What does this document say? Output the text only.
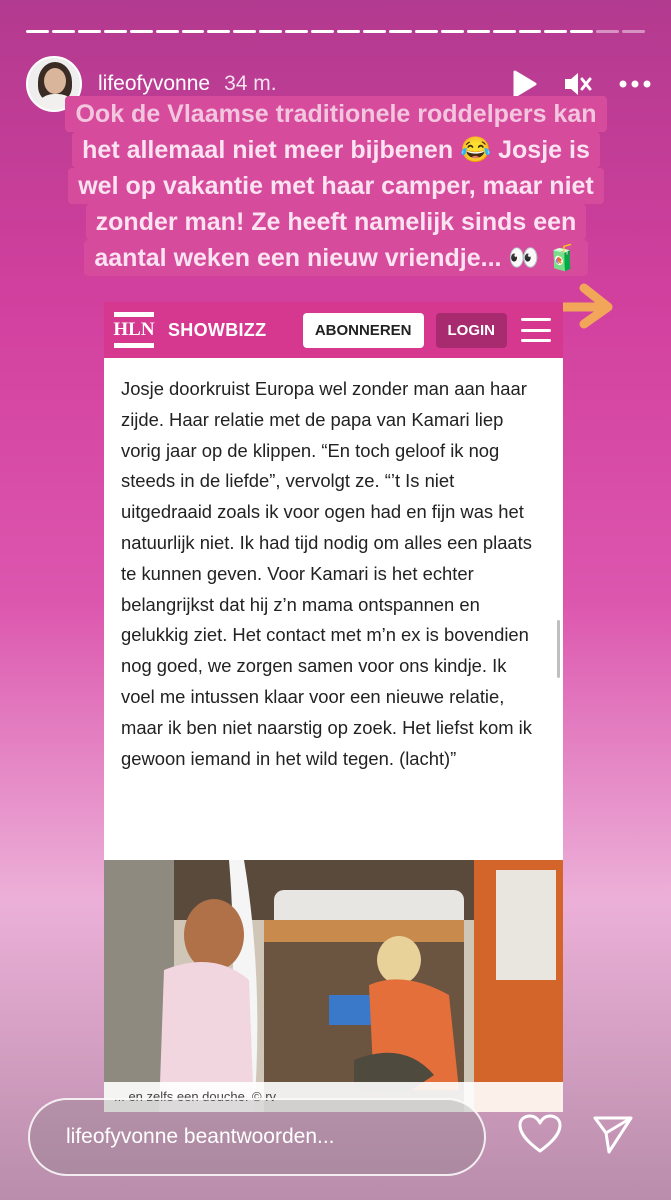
lifeofyvonne 34 m.
Ook de Vlaamse traditionele roddelpers kan
het allemaal niet meer bijbenen 😂 Josje is
wel op vakantie met haar camper, maar niet
zonder man! Ze heeft namelijk sinds een
aantal weken een nieuw vriendje... 👀 🧃
HLN SHOWBIZZ	ABONNEREN	LOGIN
Josje doorkruist Europa wel zonder man aan haar zijde. Haar relatie met de papa van Kamari liep vorig jaar op de klippen. “En toch geloof ik nog steeds in de liefde”, vervolgt ze. “’t Is niet uitgedraaid zoals ik voor ogen had en fijn was het natuurlijk niet. Ik had tijd nodig om alles een plaats te kunnen geven. Voor Kamari is het echter belangrijkst dat hij z’n mama ontspannen en gelukkig ziet. Het contact met m’n ex is bovendien nog goed, we zorgen samen voor ons kindje. Ik voel me intussen klaar voor een nieuwe relatie, maar ik ben niet naarstig op zoek. Het liefst kom ik gewoon iemand in het wild tegen. (lacht)”
... en zelfs een douche. © rv
lifeofyvonne beantwoorden...
